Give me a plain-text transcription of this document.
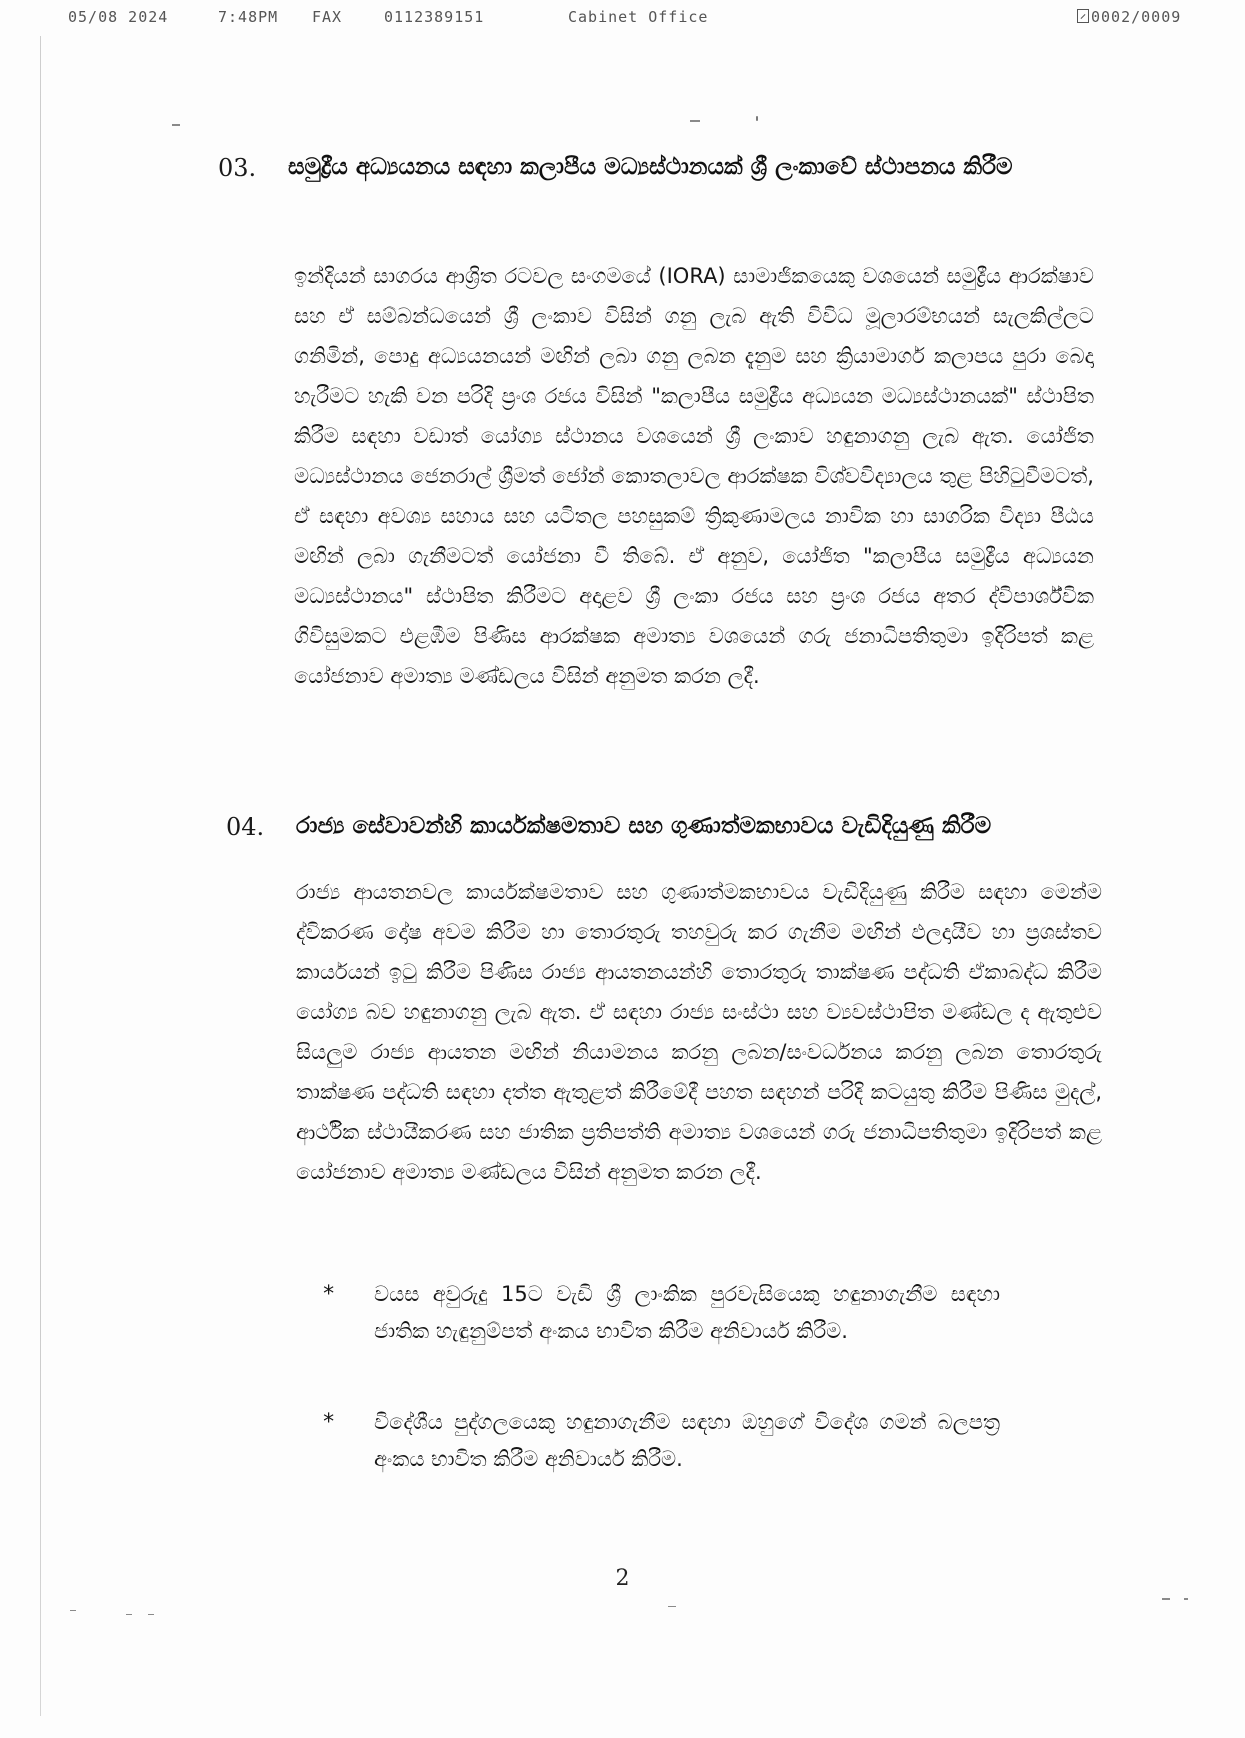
05/08 2024	7:48PM FAX	0112389151	Cabinet Office	0002/0009
03. සමුද්‍රීය අධ්‍යයනය සඳහා කලාපීය මධ්‍යස්ථානයක් ශ්‍රී ලංකාවේ ස්ථාපනය කිරීම
ඉන්දියන් සාගරය ආශ්‍රිත රටවල සංගමයේ (IORA) සාමාජිකයෙකු වශයෙන් සමුද්‍රීය ආරක්ෂාව සහ ඒ සම්බන්ධයෙන් ශ්‍රී ලංකාව විසින් ගනු ලැබ ඇති විවිධ මූලාරම්භයන් සැලකිල්ලට ගනිමින්, පොදු අධ්‍යයනයන් මඟින් ලබා ගනු ලබන දැනුම සහ ක්‍රියාමාර්ග කලාපය පුරා බෙදා හැරීමට හැකි වන පරිදි ප්‍රංශ රජය විසින් "කලාපීය සමුද්‍රීය අධ්‍යයන මධ්‍යස්ථානයක්" ස්ථාපිත කිරීම සඳහා වඩාත් යෝග්‍ය ස්ථානය වශයෙන් ශ්‍රී ලංකාව හඳුනාගනු ලැබ ඇත. යෝජිත මධ්‍යස්ථානය ජෙනරාල් ශ්‍රීමත් ජෝන් කොතලාවල ආරක්ෂක විශ්වවිද්‍යාලය තුළ පිහිටුවීමටත්, ඒ සඳහා අවශ්‍ය සහාය සහ යටිතල පහසුකම් ත්‍රිකුණාමලය නාවික හා සාගරික විද්‍යා පීඨය මඟින් ලබා ගැනීමටත් යෝජනා වී තිබේ. ඒ අනුව, යෝජිත "කලාපීය සමුද්‍රීය අධ්‍යයන මධ්‍යස්ථානය" ස්ථාපිත කිරීමට අදාළව ශ්‍රී ලංකා රජය සහ ප්‍රංශ රජය අතර ද්විපාර්ශ්වික ගිවිසුමකට එළඹීම පිණිස ආරක්ෂක අමාත්‍ය වශයෙන් ගරු ජනාධිපතිතුමා ඉදිරිපත් කළ යෝජනාව අමාත්‍ය මණ්ඩලය විසින් අනුමත කරන ලදී.
04. රාජ්‍ය සේවාවන්හි කාර්යක්ෂමතාව සහ ගුණාත්මකභාවය වැඩිදියුණු කිරීම
රාජ්‍ය ආයතනවල කාර්යක්ෂමතාව සහ ගුණාත්මකභාවය වැඩිදියුණු කිරීම සඳහා මෙන්ම ද්විකරණ දෝෂ අවම කිරීම හා තොරතුරු තහවුරු කර ගැනීම මඟින් ඵලදායීව හා ප්‍රශස්තව කාර්යයන් ඉටු කිරීම පිණිස රාජ්‍ය ආයතනයන්හි තොරතුරු තාක්ෂණ පද්ධති ඒකාබද්ධ කිරීම යෝග්‍ය බව හඳුනාගනු ලැබ ඇත. ඒ සඳහා රාජ්‍ය සංස්ථා සහ ව්‍යවස්ථාපිත මණ්ඩල ද ඇතුළුව සියලුම රාජ්‍ය ආයතන මඟින් නියාමනය කරනු ලබන/සංවර්ධනය කරනු ලබන තොරතුරු තාක්ෂණ පද්ධති සඳහා දත්ත ඇතුළත් කිරීමේදී පහත සඳහන් පරිදි කටයුතු කිරීම පිණිස මුදල්, ආර්ථික ස්ථායීකරණ සහ ජාතික ප්‍රතිපත්ති අමාත්‍ය වශයෙන් ගරු ජනාධිපතිතුමා ඉදිරිපත් කළ යෝජනාව අමාත්‍ය මණ්ඩලය විසින් අනුමත කරන ලදී.
* වයස අවුරුදු 15ට වැඩි ශ්‍රී ලාංකික පුරවැසියෙකු හඳුනාගැනීම සඳහා ජාතික හැඳුනුම්පත් අංකය භාවිත කිරීම අනිවාර්ය කිරීම.
* විදේශීය පුද්ගලයෙකු හඳුනාගැනීම සඳහා ඔහුගේ විදේශ ගමන් බලපත්‍ර අංකය භාවිත කිරීම අනිවාර්ය කිරීම.
2
